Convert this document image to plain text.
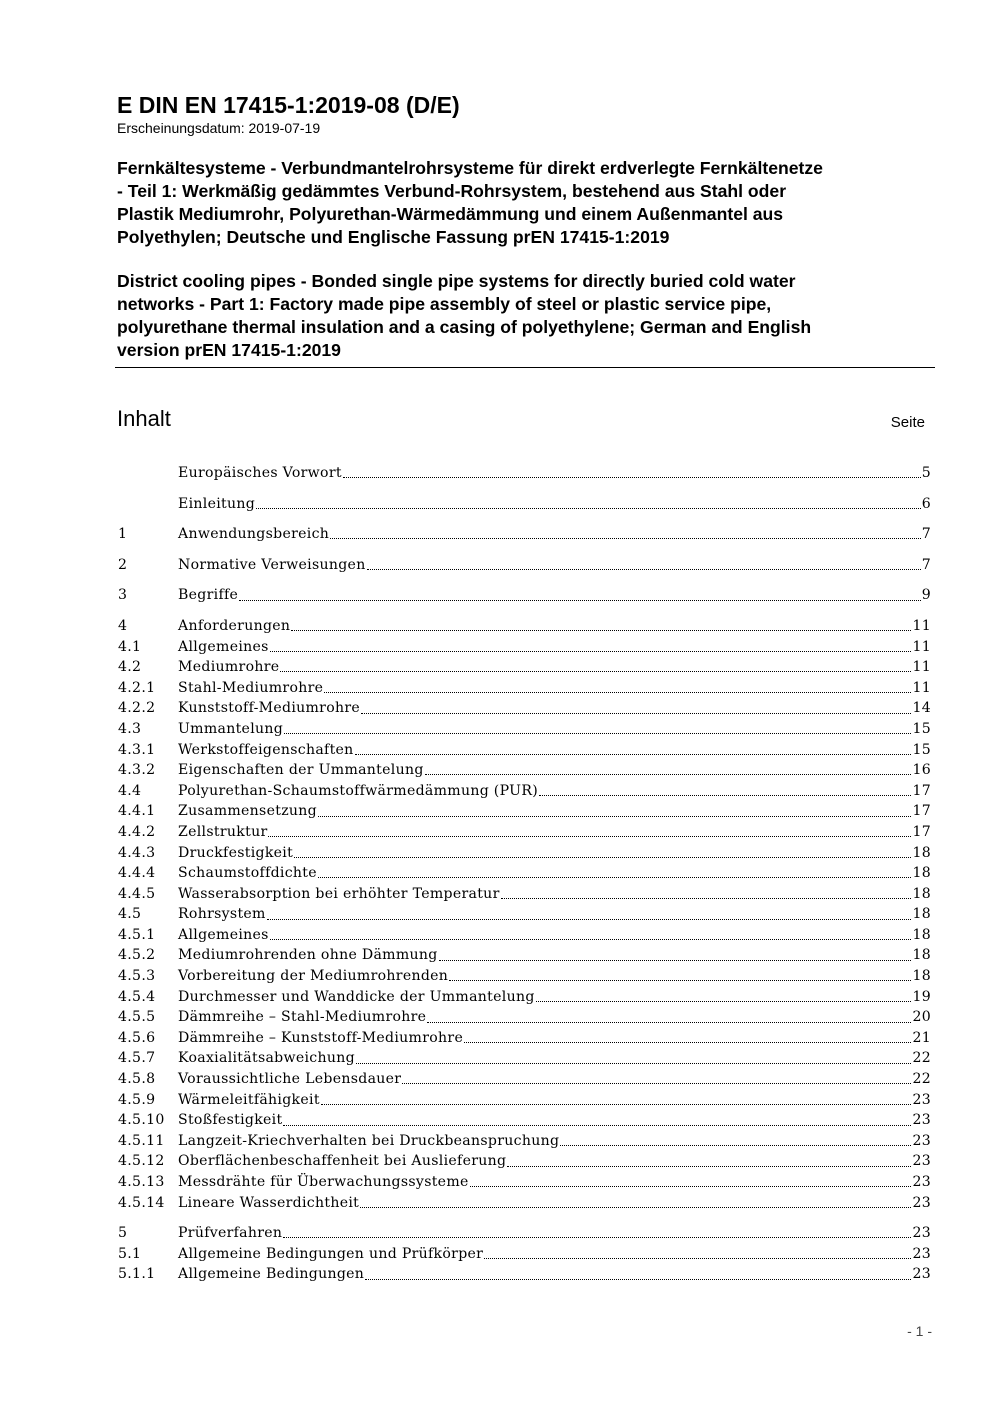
E DIN EN 17415-1:2019-08 (D/E)

Erscheinungsdatum: 2019-07-19

Fernkältesysteme - Verbundmantelrohrsysteme für direkt erdverlegte Fernkältenetze
- Teil 1: Werkmäßig gedämmtes Verbund-Rohrsystem, bestehend aus Stahl oder
Plastik Mediumrohr, Polyurethan-Wärmedämmung und einem Außenmantel aus
Polyethylen; Deutsche und Englische Fassung prEN 17415-1:2019

District cooling pipes - Bonded single pipe systems for directly buried cold water
networks - Part 1: Factory made pipe assembly of steel or plastic service pipe,
polyurethane thermal insulation and a casing of polyethylene; German and English
version prEN 17415-1:2019

Inhalt	Seite
Europäisches Vorwort	5
Einleitung	6
1	Anwendungsbereich	7
2	Normative Verweisungen	7
3	Begriffe	9
4	Anforderungen	11
4.1	Allgemeines	11
4.2	Mediumrohre	11
4.2.1	Stahl-Mediumrohre	11
4.2.2	Kunststoff-Mediumrohre	14
4.3	Ummantelung	15
4.3.1	Werkstoffeigenschaften	15
4.3.2	Eigenschaften der Ummantelung	16
4.4	Polyurethan-Schaumstoffwärmedämmung (PUR)	17
4.4.1	Zusammensetzung	17
4.4.2	Zellstruktur	17
4.4.3	Druckfestigkeit	18
4.4.4	Schaumstoffdichte	18
4.4.5	Wasserabsorption bei erhöhter Temperatur	18
4.5	Rohrsystem	18
4.5.1	Allgemeines	18
4.5.2	Mediumrohrenden ohne Dämmung	18
4.5.3	Vorbereitung der Mediumrohrenden	18
4.5.4	Durchmesser und Wanddicke der Ummantelung	19
4.5.5	Dämmreihe – Stahl-Mediumrohre	20
4.5.6	Dämmreihe – Kunststoff-Mediumrohre	21
4.5.7	Koaxialitätsabweichung	22
4.5.8	Voraussichtliche Lebensdauer	22
4.5.9	Wärmeleitfähigkeit	23
4.5.10 Stoßfestigkeit	23
4.5.11 Langzeit-Kriechverhalten bei Druckbeanspruchung	23
4.5.12 Oberflächenbeschaffenheit bei Auslieferung	23
4.5.13 Messdrähte für Überwachungssysteme	23
4.5.14 Lineare Wasserdichtheit	23
5	Prüfverfahren	23
5.1	Allgemeine Bedingungen und Prüfkörper	23
5.1.1	Allgemeine Bedingungen	23
- 1 -
